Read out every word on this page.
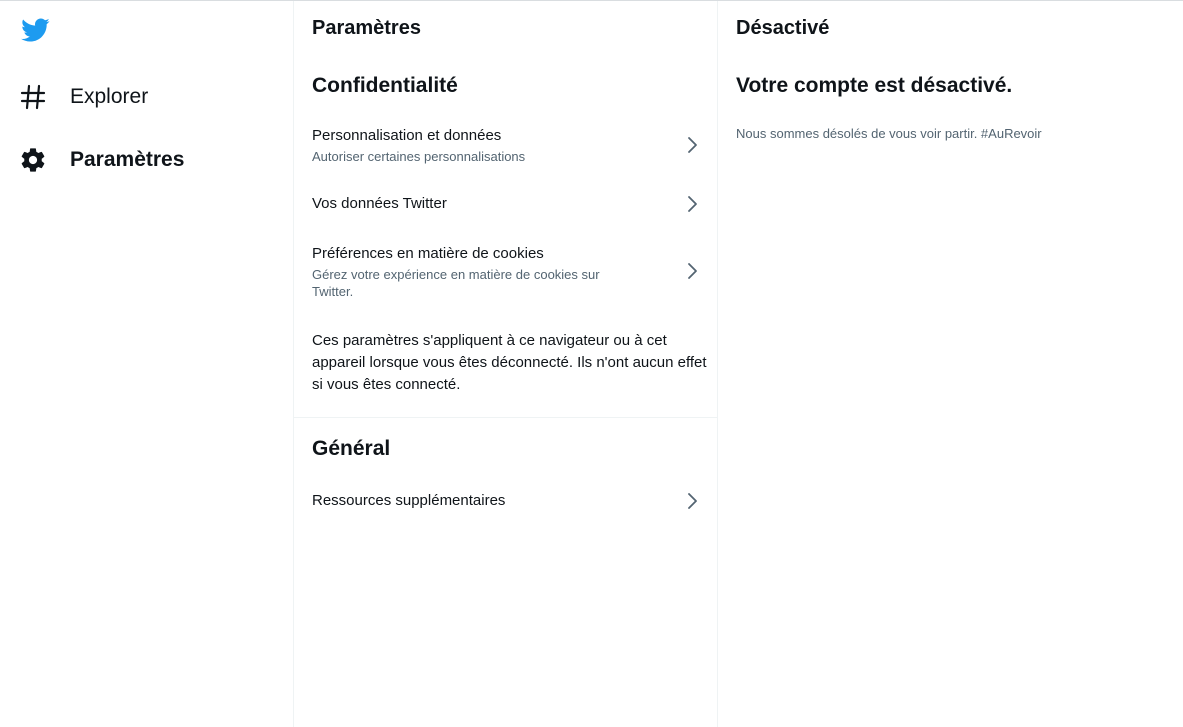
Explorer
Paramètres
Paramètres
Confidentialité
Personnalisation et données
Autoriser certaines personnalisations
Vos données Twitter
Préférences en matière de cookies
Gérez votre expérience en matière de cookies sur Twitter.
Ces paramètres s'appliquent à ce navigateur ou à cet appareil lorsque vous êtes déconnecté. Ils n'ont aucun effet si vous êtes connecté.
Général
Ressources supplémentaires
Désactivé
Votre compte est désactivé.
Nous sommes désolés de vous voir partir. #AuRevoir
